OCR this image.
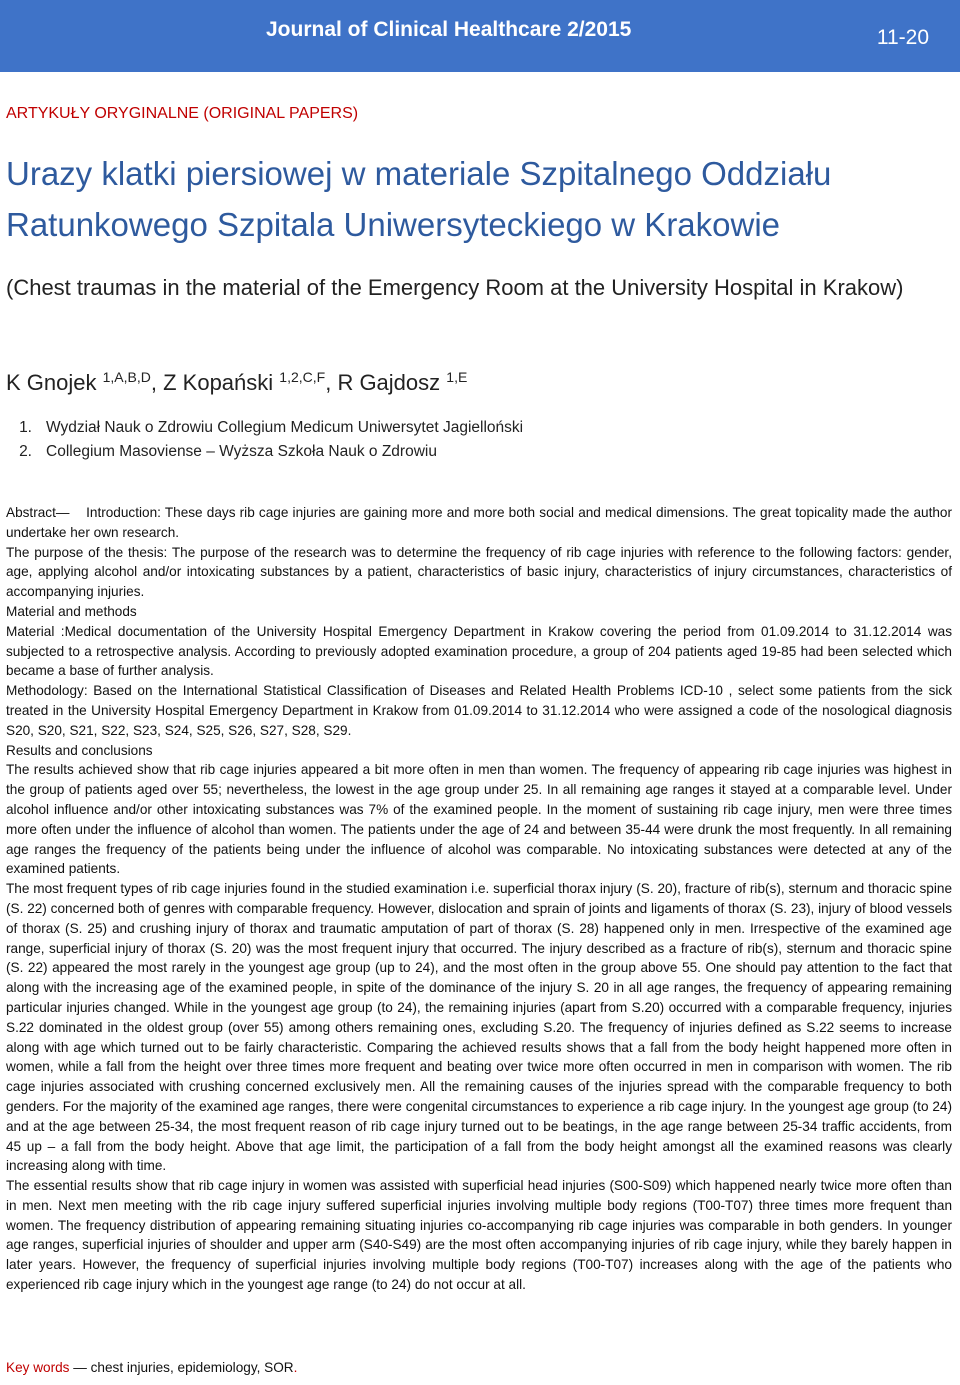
Journal of Clinical Healthcare 2/2015	11-20
ARTYKUŁY ORYGINALNE (ORIGINAL PAPERS)
Urazy klatki piersiowej w materiale Szpitalnego Oddziału Ratunkowego Szpitala Uniwersyteckiego w Krakowie
(Chest traumas in the material of the Emergency Room at the University Hospital in Krakow)
K Gnojek $^{1,A,B,D}$, Z Kopański $^{1,2,C,F}$, R Gajdosz $^{1,E}$
1. Wydział Nauk o Zdrowiu Collegium Medicum Uniwersytet Jagielloński
2. Collegium Masoviense – Wyższa Szkoła Nauk o Zdrowiu

Abstract— Introduction: These days rib cage injuries are gaining more and more both social and medical dimensions. The great topicality made the author undertake her own research.

The purpose of the thesis: The purpose of the research was to determine the frequency of rib cage injuries with reference to the following factors: gender, age, applying alcohol and/or intoxicating substances by a patient, characteristics of basic injury, characteristics of injury circumstances, characteristics of accompanying injuries.

Material and methods

Material :Medical documentation of the University Hospital Emergency Department in Krakow covering the period from 01.09.2014 to 31.12.2014 was subjected to a retrospective analysis. According to previously adopted examination procedure, a group of 204 patients aged 19-85 had been selected which became a base of further analysis.

Methodology: Based on the International Statistical Classification of Diseases and Related Health Problems ICD-10 , select some patients from the sick treated in the University Hospital Emergency Department in Krakow from 01.09.2014 to 31.12.2014 who were assigned a code of the nosological diagnosis S20, S20, S21, S22, S23, S24, S25, S26, S27, S28, S29.

Results and conclusions

The results achieved show that rib cage injuries appeared a bit more often in men than women. The frequency of appearing rib cage injuries was highest in the group of patients aged over 55; nevertheless, the lowest in the age group under 25. In all remaining age ranges it stayed at a comparable level. Under alcohol influence and/or other intoxicating substances was 7% of the examined people. In the moment of sustaining rib cage injury, men were three times more often under the influence of alcohol than women. The patients under the age of 24 and between 35-44 were drunk the most frequently. In all remaining age ranges the frequency of the patients being under the influence of alcohol was comparable. No intoxicating substances were detected at any of the examined patients.

The most frequent types of rib cage injuries found in the studied examination i.e. superficial thorax injury (S. 20), fracture of rib(s), sternum and thoracic spine (S. 22) concerned both of genres with comparable frequency. However, dislocation and sprain of joints and ligaments of thorax (S. 23), injury of blood vessels of thorax (S. 25) and crushing injury of thorax and traumatic amputation of part of thorax (S. 28) happened only in men. Irrespective of the examined age range, superficial injury of thorax (S. 20) was the most frequent injury that occurred. The injury described as a fracture of rib(s), sternum and thoracic spine (S. 22) appeared the most rarely in the youngest age group (up to 24), and the most often in the group above 55. One should pay attention to the fact that along with the increasing age of the examined people, in spite of the dominance of the injury S. 20 in all age ranges, the frequency of appearing remaining particular injuries changed. While in the youngest age group (to 24), the remaining injuries (apart from S.20) occurred with a comparable frequency, injuries S.22 dominated in the oldest group (over 55) among others remaining ones, excluding S.20. The frequency of injuries defined as S.22 seems to increase along with age which turned out to be fairly characteristic. Comparing the achieved results shows that a fall from the body height happened more often in women, while a fall from the height over three times more frequent and beating over twice more often occurred in men in comparison with women. The rib cage injuries associated with crushing concerned exclusively men. All the remaining causes of the injuries spread with the comparable frequency to both genders. For the majority of the examined age ranges, there were congenital circumstances to experience a rib cage injury. In the youngest age group (to 24) and at the age between 25-34, the most frequent reason of rib cage injury turned out to be beatings, in the age range between 25-34 traffic accidents, from 45 up – a fall from the body height. Above that age limit, the participation of a fall from the body height amongst all the examined reasons was clearly increasing along with time.

The essential results show that rib cage injury in women was assisted with superficial head injuries (S00-S09) which happened nearly twice more often than in men. Next men meeting with the rib cage injury suffered superficial injuries involving multiple body regions (T00-T07) three times more frequent than women. The frequency distribution of appearing remaining situating injuries co-accompanying rib cage injuries was comparable in both genders. In younger age ranges, superficial injuries of shoulder and upper arm (S40-S49) are the most often accompanying injuries of rib cage injury, while they barely happen in later years. However, the frequency of superficial injuries involving multiple body regions (T00-T07) increases along with the age of the patients who experienced rib cage injury which in the youngest age range (to 24) do not occur at all.

Key words — chest injuries, epidemiology, SOR.
